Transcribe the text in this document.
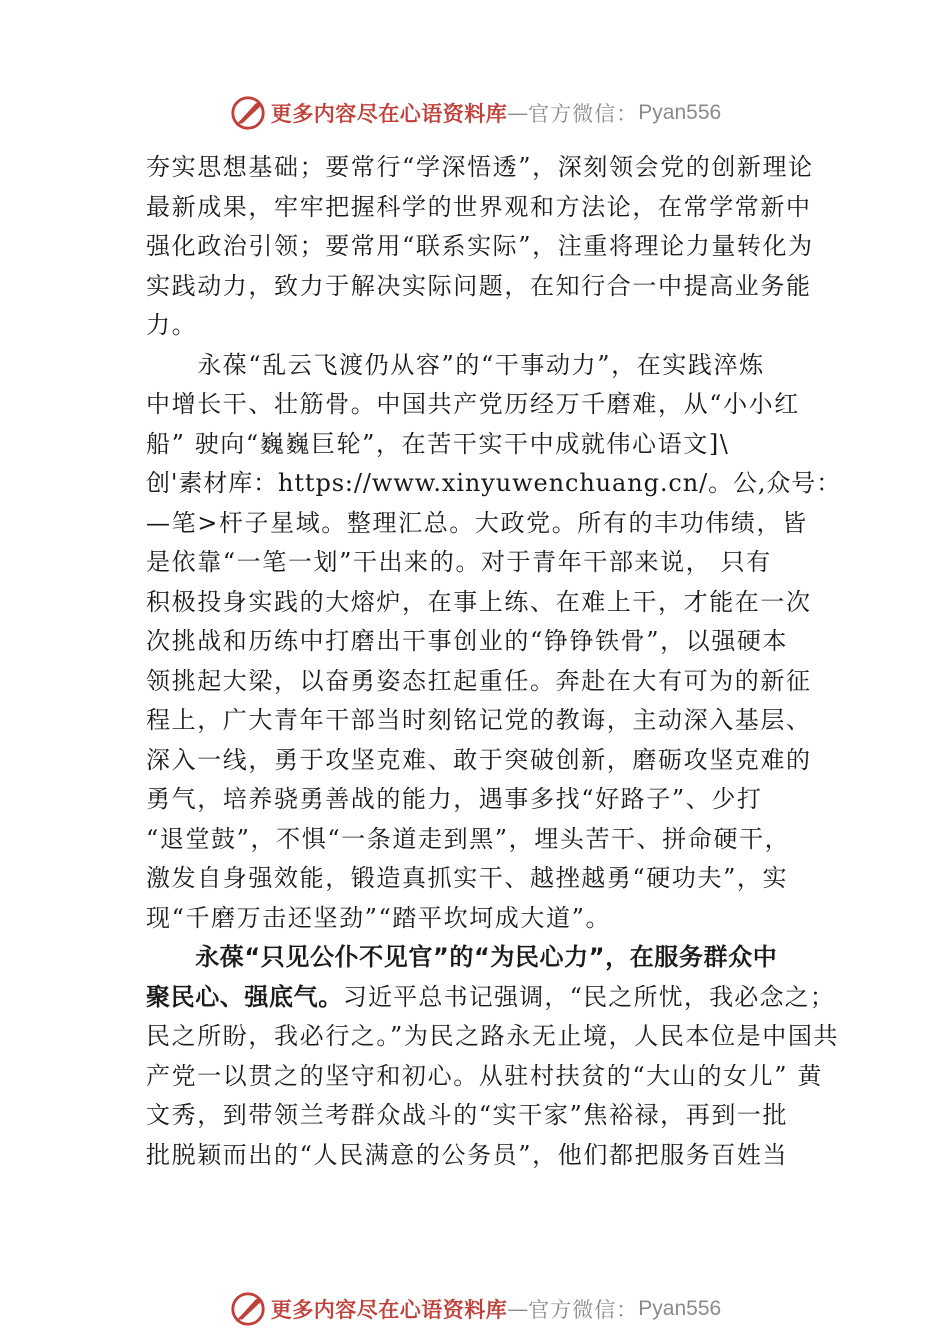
更多内容尽在心语资料库 — 官方微信： Pyan556
夯实思想基础；要常行“学深悟透”，深刻领会党的创新理论
最新成果，牢牢把握科学的世界观和方法论，在常学常新中
强化政治引领；要常用“联系实际”，注重将理论力量转化为
实践动力，致力于解决实际问题，在知行合一中提高业务能
力。
　　永葆“乱云飞渡仍从容”的“干事动力”，在实践淬炼
中增长干、壮筋骨。中国共产党历经万千磨难，从“小小红
船” 驶向“巍巍巨轮”，在苦干实干中成就伟心语文]\
创'素材库：https://www.xinyuwenchuang.cn/。公,众号：
—笔>杆子星域。整理汇总。大政党。所有的丰功伟绩，皆
是依靠“一笔一划”干出来的。对于青年干部来说， 只有
积极投身实践的大熔炉，在事上练、在难上干，才能在一次
次挑战和历练中打磨出干事创业的“铮铮铁骨”，以强硬本
领挑起大梁，以奋勇姿态扛起重任。奔赴在大有可为的新征
程上，广大青年干部当时刻铭记党的教诲，主动深入基层、
深入一线，勇于攻坚克难、敢于突破创新，磨砺攻坚克难的
勇气，培养骁勇善战的能力，遇事多找“好路子”、少打
“退堂鼓”，不惧“一条道走到黑”，埋头苦干、拼命硬干，
激发自身强效能，锻造真抓实干、越挫越勇“硬功夫”，实
现“千磨万击还坚劲”“踏平坎坷成大道”。
　　永葆“只见公仆不见官”的“为民心力”，在服务群众中
聚民心、强底气。习近平总书记强调，“民之所忧，我必念之；
民之所盼，我必行之。”为民之路永无止境，人民本位是中国共
产党一以贯之的坚守和初心。从驻村扶贫的“大山的女儿” 黄
文秀，到带领兰考群众战斗的“实干家”焦裕禄，再到一批
批脱颖而出的“人民满意的公务员”，他们都把服务百姓当
更多内容尽在心语资料库 — 官方微信： Pyan556
